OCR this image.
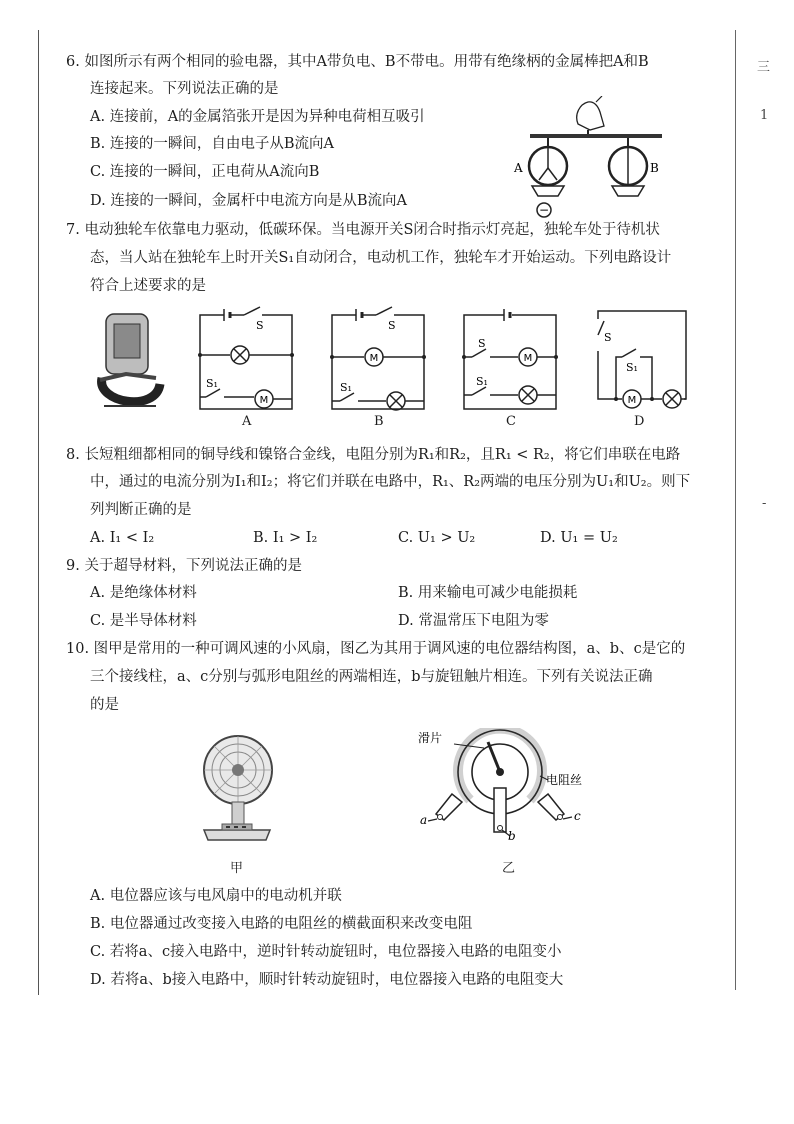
三
1
-
6. 如图所示有两个相同的验电器，其中A带负电、B不带电。用带有绝缘柄的金属棒把A和B
连接起来。下列说法正确的是
A. 连接前，A的金属箔张开是因为异种电荷相互吸引
B. 连接的一瞬间，自由电子从B流向A
C. 连接的一瞬间，正电荷从A流向B
D. 连接的一瞬间，金属杆中电流方向是从B流向A
−
A	B
7. 电动独轮车依靠电力驱动，低碳环保。当电源开关S闭合时指示灯亮起，独轮车处于待机状
态，当人站在独轮车上时开关S₁自动闭合，电动机工作，独轮车才开始运动。下列电路设计
符合上述要求的是
S
S₁
M
A
S
S₁
M
B
S
S₁
M
C
S
S₁
M
D
8. 长短粗细都相同的铜导线和镍铬合金线，电阻分别为R₁和R₂，且R₁ < R₂，将它们串联在电路
中，通过的电流分别为I₁和I₂；将它们并联在电路中，R₁、R₂两端的电压分别为U₁和U₂。则下
列判断正确的是
A. I₁ < I₂	B. I₁ > I₂	C. U₁ > U₂	D. U₁ = U₂
9. 关于超导材料，下列说法正确的是
A. 是绝缘体材料	B. 用来输电可减少电能损耗
C. 是半导体材料	D. 常温常压下电阻为零
10. 图甲是常用的一种可调风速的小风扇，图乙为其用于调风速的电位器结构图，a、b、c是它的
三个接线柱，a、c分别与弧形电阻丝的两端相连，b与旋钮触片相连。下列有关说法正确
的是
甲
滑片
电阻丝
a
b
c
乙
A. 电位器应该与电风扇中的电动机并联
B. 电位器通过改变接入电路的电阻丝的横截面积来改变电阻
C. 若将a、c接入电路中，逆时针转动旋钮时，电位器接入电路的电阻变小
D. 若将a、b接入电路中，顺时针转动旋钮时，电位器接入电路的电阻变大
